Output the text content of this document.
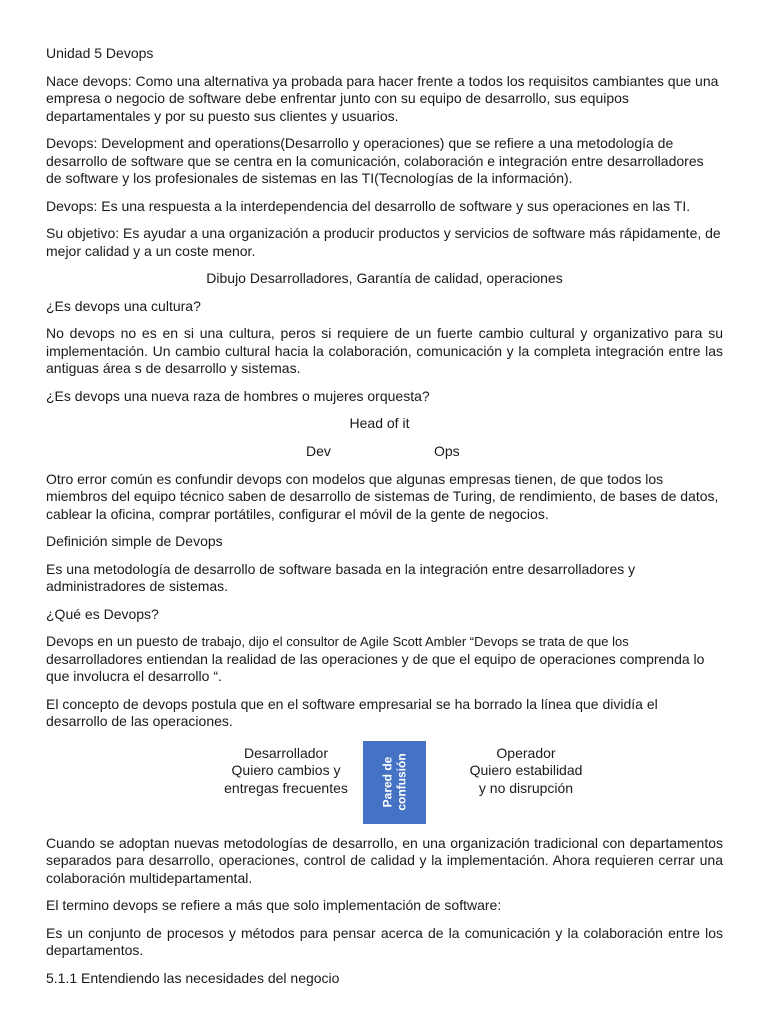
Unidad 5 Devops

Nace devops: Como una alternativa ya probada para hacer frente a todos los requisitos cambiantes que una empresa o negocio de software debe enfrentar junto con su equipo de desarrollo, sus equipos departamentales y por su puesto sus clientes y usuarios.

Devops: Development and operations(Desarrollo y operaciones) que se refiere a una metodología de desarrollo de software que se centra en la comunicación, colaboración e integración entre desarrolladores de software y los profesionales de sistemas en las TI(Tecnologías de la información).

Devops: Es una respuesta a la interdependencia del desarrollo de software y sus operaciones en las TI.

Su objetivo: Es ayudar a una organización a producir productos y servicios de software más rápidamente, de mejor calidad y a un coste menor.

Dibujo Desarrolladores, Garantía de calidad, operaciones

¿Es devops una cultura?

No devops no es en si una cultura, peros si requiere de un fuerte cambio cultural y organizativo para su implementación. Un cambio cultural hacia la colaboración, comunicación y la completa integración entre las antiguas área s de desarrollo y sistemas.

¿Es devops una nueva raza de hombres o mujeres orquesta?

Head of it

Dev	Ops

Otro error común es confundir devops con modelos que algunas empresas tienen, de que todos los miembros del equipo técnico saben de desarrollo de sistemas de Turing, de rendimiento, de bases de datos, cablear la oficina, comprar portátiles, configurar el móvil de la gente de negocios.

Definición simple de Devops

Es una metodología de desarrollo de software basada en la integración entre desarrolladores y administradores de sistemas.

¿Qué es Devops?

Devops en un puesto de trabajo, dijo el consultor de Agile Scott Ambler “Devops se trata de que los desarrolladores entiendan la realidad de las operaciones y de que el equipo de operaciones comprenda lo que involucra el desarrollo “.

El concepto de devops postula que en el software empresarial se ha borrado la línea que dividía el desarrollo de las operaciones.

Desarrollador
Quiero cambios y
entregas frecuentes	Pared de confusión
Operador
Quiero estabilidad
y no disrupción

Cuando se adoptan nuevas metodologías de desarrollo, en una organización tradicional con departamentos separados para desarrollo, operaciones, control de calidad y la implementación. Ahora requieren cerrar una colaboración multidepartamental.

El termino devops se refiere a más que solo implementación de software:

Es un conjunto de procesos y métodos para pensar acerca de la comunicación y la colaboración entre los departamentos.

5.1.1 Entendiendo las necesidades del negocio
